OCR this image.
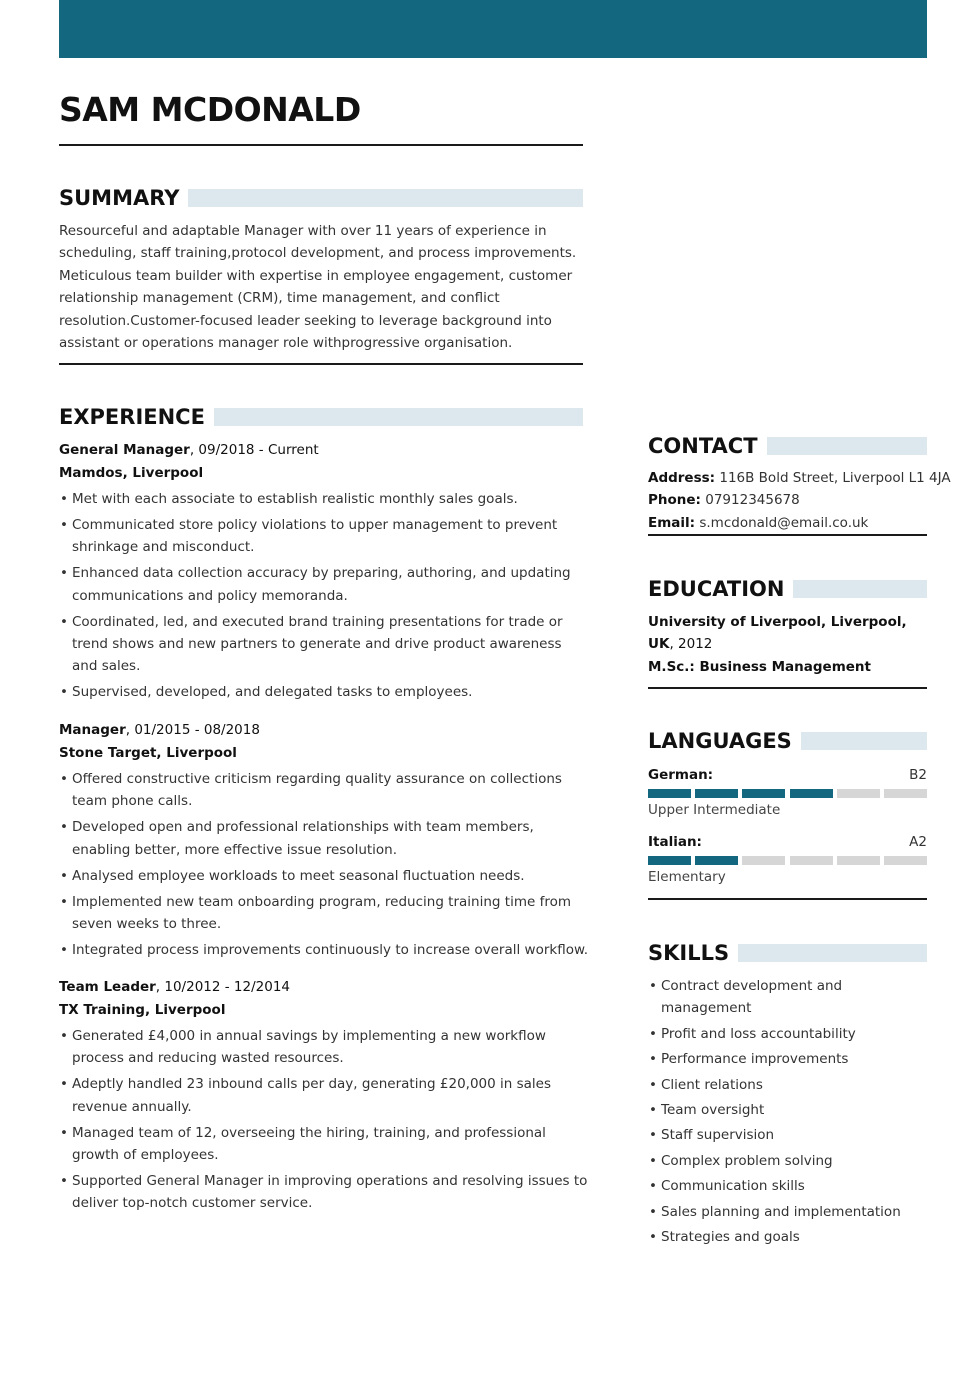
SAM MCDONALD
SUMMARY
Resourceful and adaptable Manager with over 11 years of experience in scheduling, staff training,protocol development, and process improvements. Meticulous team builder with expertise in employee engagement, customer relationship management (CRM), time management, and conflict resolution.Customer-focused leader seeking to leverage background into assistant or operations manager role withprogressive organisation.
EXPERIENCE
General Manager, 09/2018 - Current
Mamdos, Liverpool
• Met with each associate to establish realistic monthly sales goals.
• Communicated store policy violations to upper management to prevent shrinkage and misconduct.
• Enhanced data collection accuracy by preparing, authoring, and updating communications and policy memoranda.
• Coordinated, led, and executed brand training presentations for trade or trend shows and new partners to generate and drive product awareness and sales.
• Supervised, developed, and delegated tasks to employees.
Manager, 01/2015 - 08/2018
Stone Target, Liverpool
• Offered constructive criticism regarding quality assurance on collections team phone calls.
• Developed open and professional relationships with team members, enabling better, more effective issue resolution.
• Analysed employee workloads to meet seasonal fluctuation needs.
• Implemented new team onboarding program, reducing training time from seven weeks to three.
• Integrated process improvements continuously to increase overall workflow.
Team Leader, 10/2012 - 12/2014
TX Training, Liverpool
• Generated £4,000 in annual savings by implementing a new workflow process and reducing wasted resources.
• Adeptly handled 23 inbound calls per day, generating £20,000 in sales revenue annually.
• Managed team of 12, overseeing the hiring, training, and professional growth of employees.
• Supported General Manager in improving operations and resolving issues to deliver top-notch customer service.
CONTACT
Address: 116B Bold Street, Liverpool L1 4JA
Phone: 07912345678
Email: s.mcdonald@email.co.uk
EDUCATION
University of Liverpool, Liverpool, UK, 2012
M.Sc.: Business Management
LANGUAGES
German:	B2
Upper Intermediate
Italian:	A2
Elementary
SKILLS
• Contract development and management
• Profit and loss accountability
• Performance improvements
• Client relations
• Team oversight
• Staff supervision
• Complex problem solving
• Communication skills
• Sales planning and implementation
• Strategies and goals
